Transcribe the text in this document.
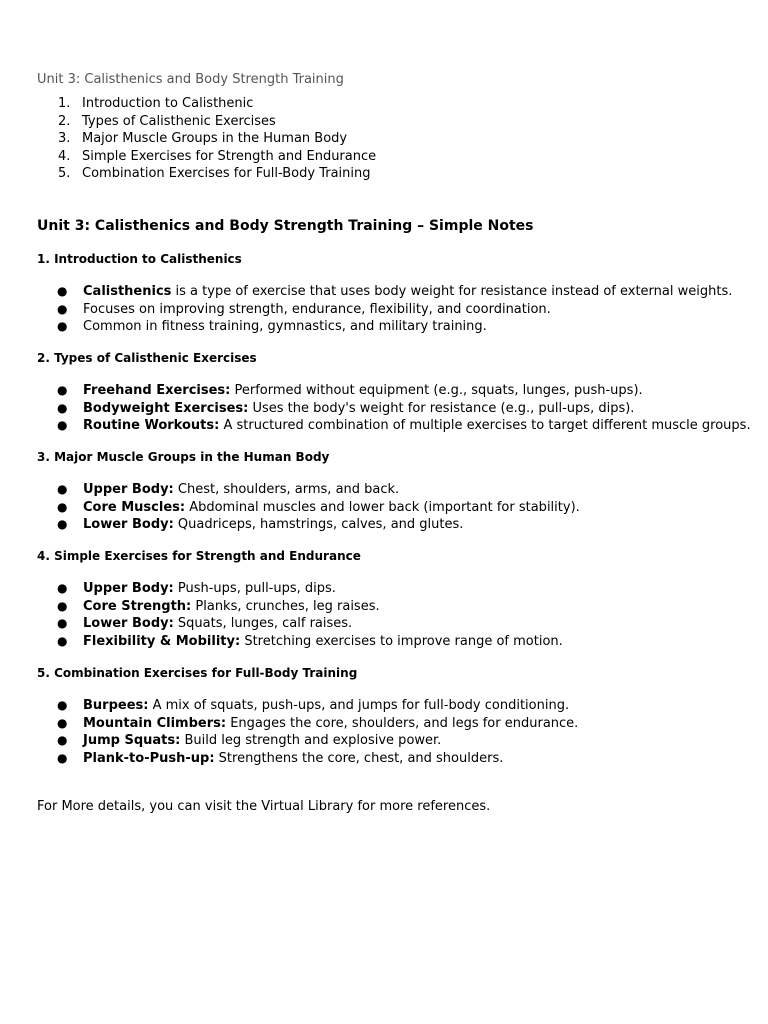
Unit 3: Calisthenics and Body Strength Training
1. Introduction to Calisthenic
2. Types of Calisthenic Exercises
3. Major Muscle Groups in the Human Body
4. Simple Exercises for Strength and Endurance
5. Combination Exercises for Full-Body Training
Unit 3: Calisthenics and Body Strength Training – Simple Notes
1. Introduction to Calisthenics
● Calisthenics is a type of exercise that uses body weight for resistance instead of external weights.
● Focuses on improving strength, endurance, flexibility, and coordination.
● Common in fitness training, gymnastics, and military training.
2. Types of Calisthenic Exercises
● Freehand Exercises: Performed without equipment (e.g., squats, lunges, push-ups).
● Bodyweight Exercises: Uses the body's weight for resistance (e.g., pull-ups, dips).
● Routine Workouts: A structured combination of multiple exercises to target different muscle groups.
3. Major Muscle Groups in the Human Body
● Upper Body: Chest, shoulders, arms, and back.
● Core Muscles: Abdominal muscles and lower back (important for stability).
● Lower Body: Quadriceps, hamstrings, calves, and glutes.
4. Simple Exercises for Strength and Endurance
● Upper Body: Push-ups, pull-ups, dips.
● Core Strength: Planks, crunches, leg raises.
● Lower Body: Squats, lunges, calf raises.
● Flexibility & Mobility: Stretching exercises to improve range of motion.
5. Combination Exercises for Full-Body Training
● Burpees: A mix of squats, push-ups, and jumps for full-body conditioning.
● Mountain Climbers: Engages the core, shoulders, and legs for endurance.
● Jump Squats: Build leg strength and explosive power.
● Plank-to-Push-up: Strengthens the core, chest, and shoulders.
For More details, you can visit the Virtual Library for more references.
